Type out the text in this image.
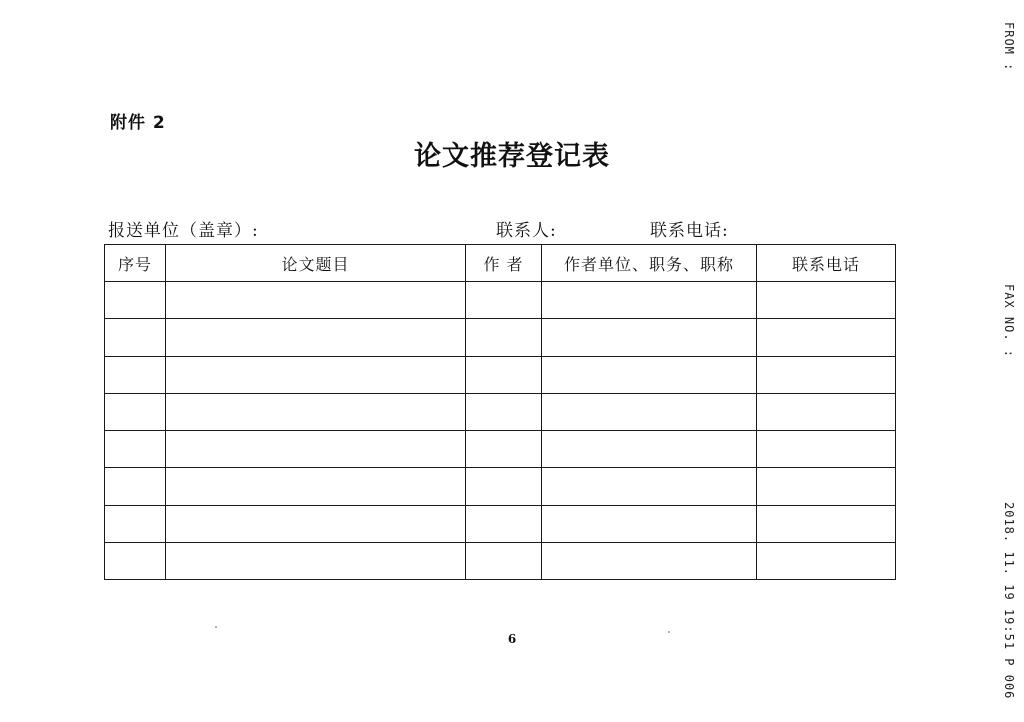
附件 2
论文推荐登记表
报送单位（盖章）:	联系人:	联系电话:
序号	论文题目	作 者	作者单位、职务、职称	联系电话

6
FROM :
FAX NO. :
2018. 11. 19 19:51 P 006
